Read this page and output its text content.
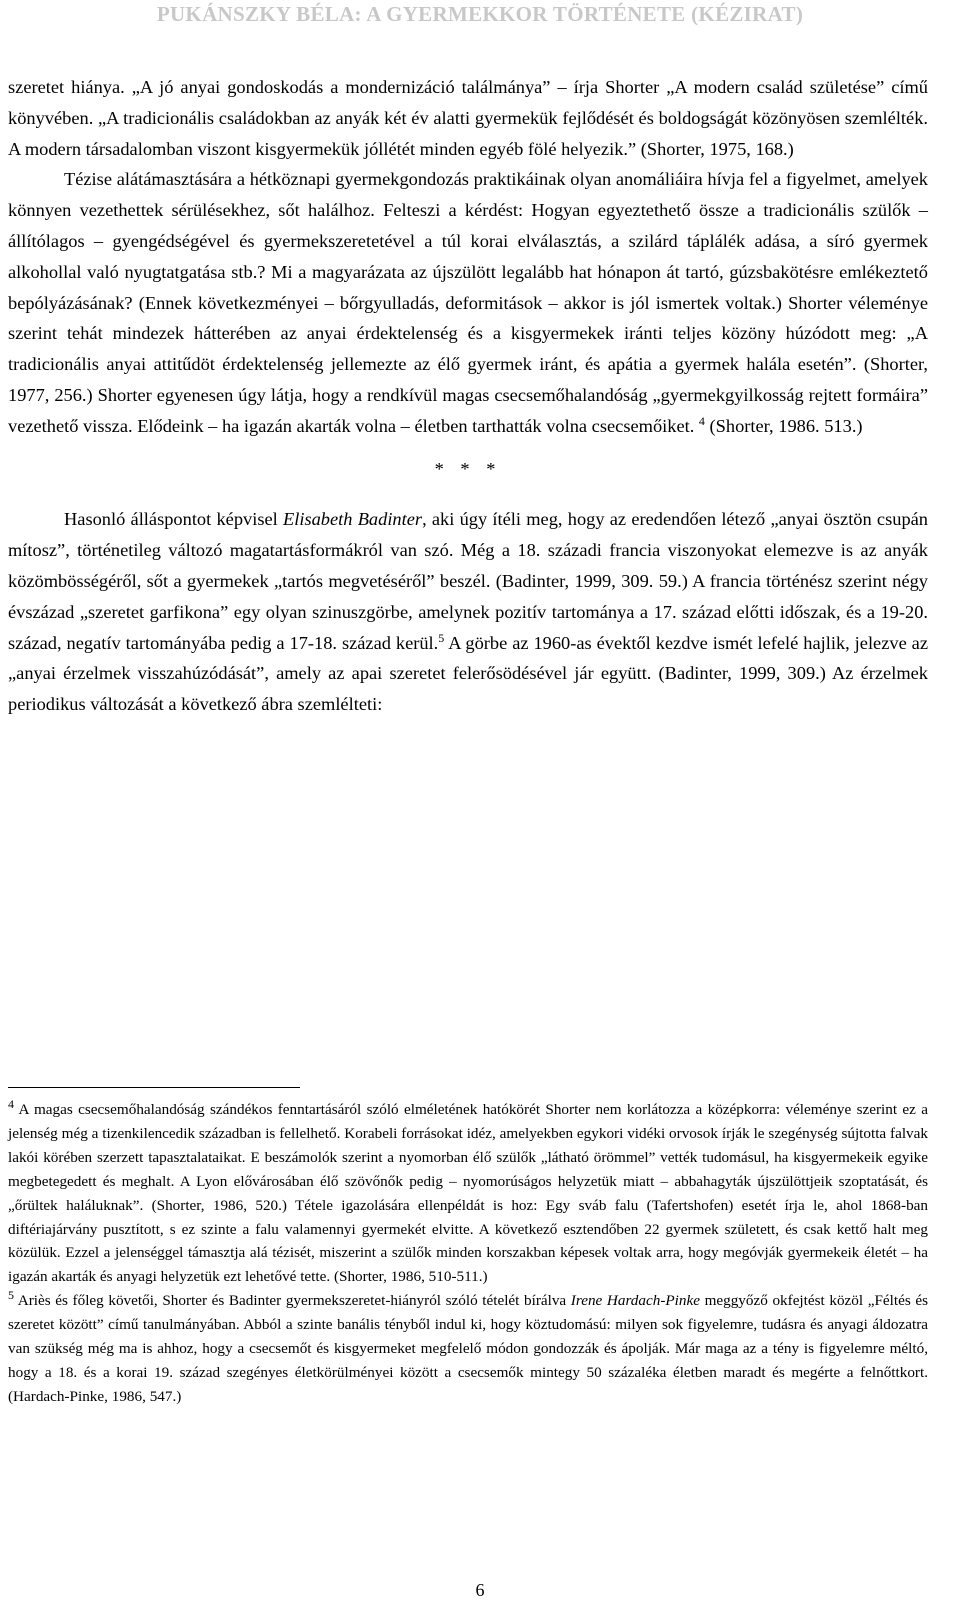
PUKÁNSZKY BÉLA: A GYERMEKKOR TÖRTÉNETE (KÉZIRAT)

szeretet hiánya. „A jó anyai gondoskodás a mondernizáció találmánya” – írja Shorter „A modern család születése” című könyvében. „A tradicionális családokban az anyák két év alatti gyermekük fejlődését és boldogságát közönyösen szemlélték. A modern társadalomban viszont kisgyermekük jóllétét minden egyéb fölé helyezik.” (Shorter, 1975, 168.)

Tézise alátámasztására a hétköznapi gyermekgondozás praktikáinak olyan anomáliáira hívja fel a figyelmet, amelyek könnyen vezethettek sérülésekhez, sőt halálhoz. Felteszi a kérdést: Hogyan egyeztethető össze a tradicionális szülők – állítólagos – gyengédségével és gyermekszeretetével a túl korai elválasztás, a szilárd táplálék adása, a síró gyermek alkohollal való nyugtatgatása stb.? Mi a magyarázata az újszülött legalább hat hónapon át tartó, gúzsbakötésre emlékeztető bepólyázásának? (Ennek következményei – bőrgyulladás, deformitások – akkor is jól ismertek voltak.) Shorter véleménye szerint tehát mindezek hátterében az anyai érdektelenség és a kisgyermekek iránti teljes közöny húzódott meg: „A tradicionális anyai attitűdöt érdektelenség jellemezte az élő gyermek iránt, és apátia a gyermek halála esetén”. (Shorter, 1977, 256.) Shorter egyenesen úgy látja, hogy a rendkívül magas csecsemőhalandóság „gyermekgyilkosság rejtett formáira” vezethető vissza. Elődeink – ha igazán akarták volna – életben tarthatták volna csecsemőiket. $^4$ (Shorter, 1986. 513.)

* * *

Hasonló álláspontot képvisel Elisabeth Badinter, aki úgy ítéli meg, hogy az eredendően létező „anyai ösztön csupán mítosz”, történetileg változó magatartásformákról van szó. Még a 18. századi francia viszonyokat elemezve is az anyák közömbösségéről, sőt a gyermekek „tartós megvetéséről” beszél. (Badinter, 1999, 309. 59.) A francia történész szerint négy évszázad „szeretet garfikona” egy olyan szinuszgörbe, amelynek pozitív tartománya a 17. század előtti időszak, és a 19-20. század, negatív tartományába pedig a 17-18. század kerül.$^5$ A görbe az 1960-as évektől kezdve ismét lefelé hajlik, jelezve az „anyai érzelmek visszahúzódását”, amely az apai szeretet felerősödésével jár együtt. (Badinter, 1999, 309.) Az érzelmek periodikus változását a következő ábra szemlélteti:

$^4$ A magas csecsemőhalandóság szándékos fenntartásáról szóló elméletének hatókörét Shorter nem korlátozza a középkorra: véleménye szerint ez a jelenség még a tizenkilencedik században is fellelhető. Korabeli forrásokat idéz, amelyekben egykori vidéki orvosok írják le szegénység sújtotta falvak lakói körében szerzett tapasztalataikat. E beszámolók szerint a nyomorban élő szülők „látható örömmel” vették tudomásul, ha kisgyermekeik egyike megbetegedett és meghalt. A Lyon elővárosában élő szövőnők pedig – nyomorúságos helyzetük miatt – abbahagyták újszülöttjeik szoptatását, és „őrültek haláluknak”. (Shorter, 1986, 520.) Tétele igazolására ellenpéldát is hoz: Egy sváb falu (Tafertshofen) esetét írja le, ahol 1868-ban diftériajárvány pusztított, s ez szinte a falu valamennyi gyermekét elvitte. A következő esztendőben 22 gyermek született, és csak kettő halt meg közülük. Ezzel a jelenséggel támasztja alá tézisét, miszerint a szülők minden korszakban képesek voltak arra, hogy megóvják gyermekeik életét – ha igazán akarták és anyagi helyzetük ezt lehetővé tette. (Shorter, 1986, 510-511.)

$^5$ Ariès és főleg követői, Shorter és Badinter gyermekszeretet-hiányról szóló tételét bírálva Irene Hardach-Pinke meggyőző okfejtést közöl „Féltés és szeretet között” című tanulmányában. Abból a szinte banális tényből indul ki, hogy köztudomású: milyen sok figyelemre, tudásra és anyagi áldozatra van szükség még ma is ahhoz, hogy a csecsemőt és kisgyermeket megfelelő módon gondozzák és ápolják. Már maga az a tény is figyelemre méltó, hogy a 18. és a korai 19. század szegényes életkörülményei között a csecsemők mintegy 50 százaléka életben maradt és megérte a felnőttkort. (Hardach-Pinke, 1986, 547.)

6
